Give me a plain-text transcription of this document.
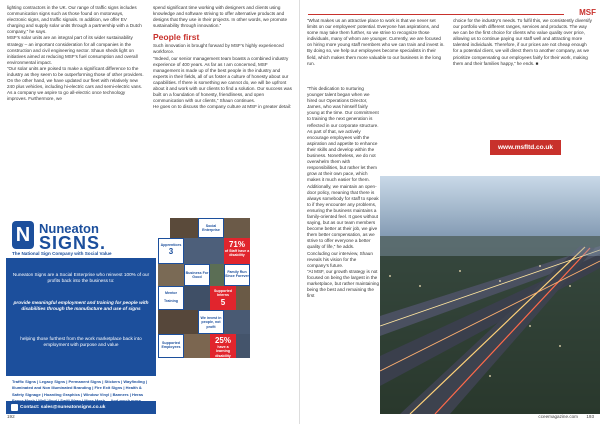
lighting contractors in the UK. Our range of traffic signs includes communication signs such as those found on motorways, electronic signs, and traffic signals. In addition, we offer EV charging and supply solar units through a partnership with a Dutch company,” he says.

MSF’s solar units are an integral part of its wider sustainability strategy – an important consideration for all companies in the construction and civil engineering sector. Shaun sheds light on initiatives aimed at reducing MSF’s fuel consumption and overall environmental impact.

“Our solar units are poised to make a significant difference to the industry as they seem to be outperforming those of other providers. On the other hand, we have updated our fleet with relatively new 240 plus vehicles, including hi-electric cars and semi-electric vans. As a company we aspire to go all-electric once technology improves. Furthermore, we

spend significant time working with designers and clients using knowledge and software striving to offer alternative products and designs that they use in their projects. In other words, we promote sustainability through innovation.”

People first

Such innovation is brought forward by MSF’s highly experienced workforce.

“Indeed, our senior management team boasts a combined industry experience of 400 years. As far as I am concerned, MSF management is made up of the best people in the industry and experts in their fields, all of us foster a culture of honesty about our capabilities. If there is something we cannot do, we will be upfront about it and work with our clients to find a solution. Our success was built on a foundation of honesty, friendliness, and open communication with our clients,” Shaun continues.

He goes on to discuss the company culture at MSF in greater detail:

N Nuneaton
SIGNS.
The National Sign Company with Social Value
Nuneaton Signs are a Social Enterprise who reinvest 100% of our profits back into the business to:
provide meaningful employment and training for people with disabilities through the manufacture and use of signs
helping those furthest from the work marketplace back into employment with purpose and value
Traffic Signs | Legacy Signs | Permanent Signs | Stickers | Wayfinding | Illuminated and Non Illuminated Branding | Fire Exit Signs | Health & Safety Signage | Hoarding Graphics | Window Vinyl | Banners | Heras
Contact: sales@nuneatonsigns.co.uk
Social Enterprise
Apprentices
3
71%
of Staff have a disability
Business For Good
Family Run Since Forever
Mentor
Training
Supported Interns
5
We invest in people, not profit
Supported Employees
25%
have a learning disability
192
MSF

“What makes us an attractive place to work is that we never set limits on our employees’ potential. Everyone has aspirations, and some may take them further, so we strive to recognize those individuals, many of whom are younger. Currently, we are focused on hiring more young staff members who we can train and invest in. By doing so, we help our employees become specialists in their field, which makes them more valuable to our business in the long run.

“This dedication to nurturing younger talent began when we hired our Operations Director, James, who was himself fairly young at the time. Our commitment to training the next generation is reflected in our corporate structure. As part of that, we actively encourage employees with the aspiration and appetite to enhance their skills and develop within the business. Nonetheless, we do not overwhelm them with responsibilities, but rather let them grow at their own pace, which makes it much easier for them. Additionally, we maintain an open-door policy, meaning that there is always somebody for staff to speak to if they encounter any problems, ensuring the business maintains a family-oriented feel. It goes without saying, but as our team members become better at their job, we give them better compensation, as we strive to offer everyone a better quality of life,” he adds.

Concluding our interview, Shaun reveals his vision for the company’s future.

“At MSF, our growth strategy is not focused on being the largest in the marketplace, but rather maintaining being the best and remaining the first

choice for the industry’s needs. To fulfil this, we consistently diversify our portfolio with different ranges, services and products. The way we can be the first choice for clients who value quality over price, allowing us to continue paying our staff well and attracting more talented individuals. Therefore, if our prices are not cheap enough for a potential client, we will direct them to another company, as we prioritize compensating our employees fairly for their work, making them and their families happy,” he ends. ■

www.msfltd.co.uk
cceemagazine.com 193
